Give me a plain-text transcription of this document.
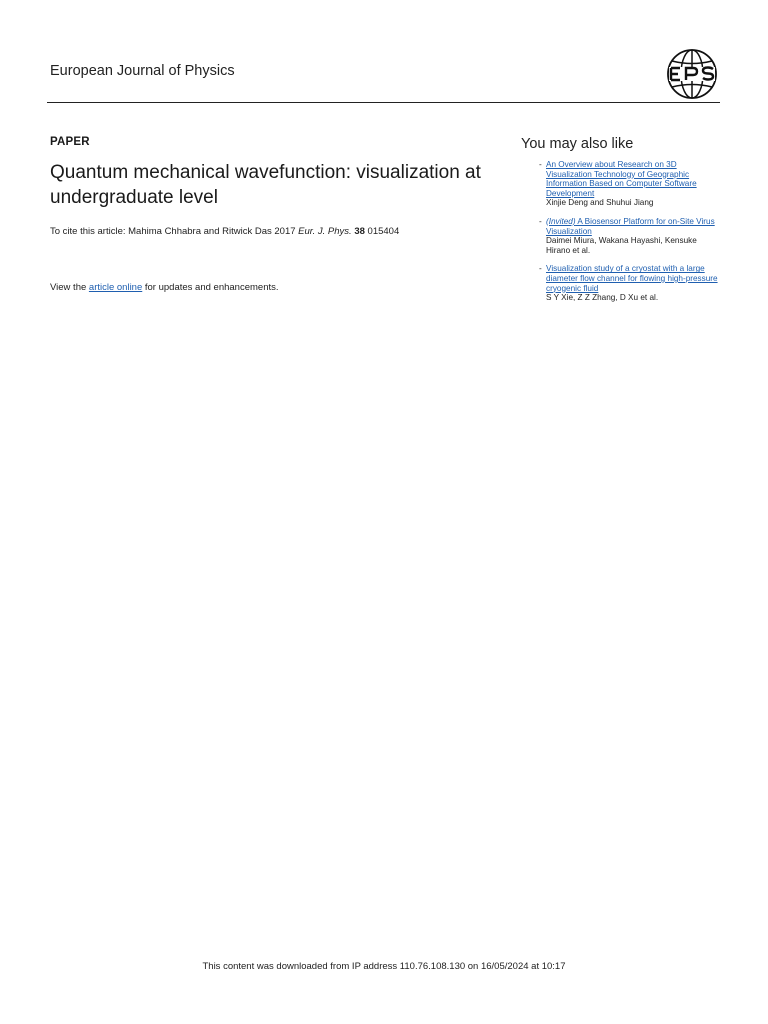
European Journal of Physics
PAPER
Quantum mechanical wavefunction: visualization at undergraduate level
To cite this article: Mahima Chhabra and Ritwick Das 2017 Eur. J. Phys. 38 015404
View the article online for updates and enhancements.
You may also like
- An Overview about Research on 3D Visualization Technology of Geographic Information Based on Computer Software Development
Xinjie Deng and Shuhui Jiang
- (Invited) A Biosensor Platform for on-Site Virus Visualization
Daimei Miura, Wakana Hayashi, Kensuke Hirano et al.
- Visualization study of a cryostat with a large diameter flow channel for flowing high-pressure cryogenic fluid
S Y Xie, Z Z Zhang, D Xu et al.
This content was downloaded from IP address 110.76.108.130 on 16/05/2024 at 10:17
